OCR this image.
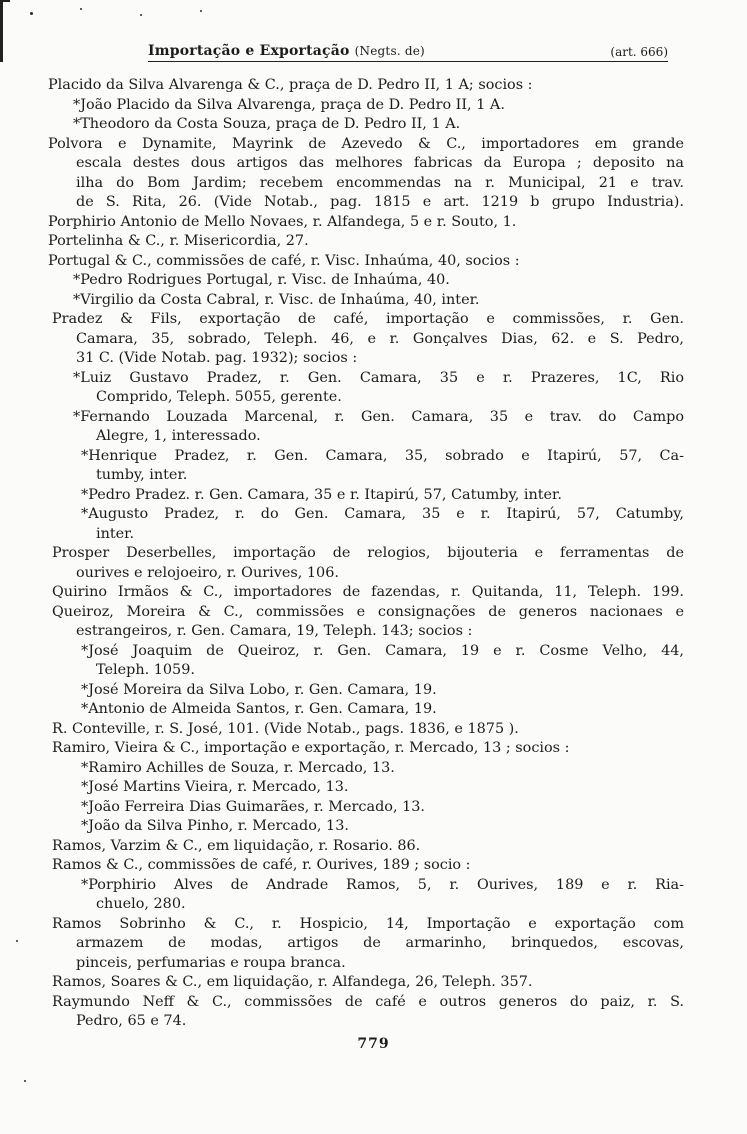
Importação e Exportação (Negts. de)	(art. 666)
Placido da Silva Alvarenga & C., praça de D. Pedro II, 1 A; socios :
*João Placido da Silva Alvarenga, praça de D. Pedro II, 1 A.
*Theodoro da Costa Souza, praça de D. Pedro II, 1 A.
Polvora e Dynamite, Mayrink de Azevedo & C., importadores em grande
escala destes dous artigos das melhores fabricas da Europa ; deposito na
ilha do Bom Jardim; recebem encommendas na r. Municipal, 21 e trav.
de S. Rita, 26. (Vide Notab., pag. 1815 e art. 1219 b grupo Industria).
Porphirio Antonio de Mello Novaes, r. Alfandega, 5 e r. Souto, 1.
Portelinha & C., r. Misericordia, 27.
Portugal & C., commissões de café, r. Visc. Inhaúma, 40, socios :
*Pedro Rodrigues Portugal, r. Visc. de Inhaúma, 40.
*Virgilio da Costa Cabral, r. Visc. de Inhaúma, 40, inter.
Pradez & Fils, exportação de café, importação e commissões, r. Gen.
Camara, 35, sobrado, Teleph. 46, e r. Gonçalves Dias, 62. e S. Pedro,
31 C. (Vide Notab. pag. 1932); socios :
*Luiz Gustavo Pradez, r. Gen. Camara, 35 e r. Prazeres, 1C, Rio
Comprido, Teleph. 5055, gerente.
*Fernando Louzada Marcenal, r. Gen. Camara, 35 e trav. do Campo
Alegre, 1, interessado.
*Henrique Pradez, r. Gen. Camara, 35, sobrado e Itapirú, 57, Ca-
tumby, inter.
*Pedro Pradez. r. Gen. Camara, 35 e r. Itapirú, 57, Catumby, inter.
*Augusto Pradez, r. do Gen. Camara, 35 e r. Itapirú, 57, Catumby,
inter.
Prosper Deserbelles, importação de relogios, bijouteria e ferramentas de
ourives e relojoeiro, r. Ourives, 106.
Quirino Irmãos & C., importadores de fazendas, r. Quitanda, 11, Teleph. 199.
Queiroz, Moreira & C., commissões e consignações de generos nacionaes e
estrangeiros, r. Gen. Camara, 19, Teleph. 143; socios :
*José Joaquim de Queiroz, r. Gen. Camara, 19 e r. Cosme Velho, 44,
Teleph. 1059.
*José Moreira da Silva Lobo, r. Gen. Camara, 19.
*Antonio de Almeida Santos, r. Gen. Camara, 19.
R. Conteville, r. S. José, 101. (Vide Notab., pags. 1836, e 1875 ).
Ramiro, Vieira & C., importação e exportação, r. Mercado, 13 ; socios :
*Ramiro Achilles de Souza, r. Mercado, 13.
*José Martins Vieira, r. Mercado, 13.
*João Ferreira Dias Guimarães, r. Mercado, 13.
*João da Silva Pinho, r. Mercado, 13.
Ramos, Varzim & C., em liquidação, r. Rosario. 86.
Ramos & C., commissões de café, r. Ourives, 189 ; socio :
*Porphirio Alves de Andrade Ramos, 5, r. Ourives, 189 e r. Ria-
chuelo, 280.
Ramos Sobrinho & C., r. Hospicio, 14, Importação e exportação com
armazem de modas, artigos de armarinho, brinquedos, escovas,
pinceis, perfumarias e roupa branca.
Ramos, Soares & C., em liquidação, r. Alfandega, 26, Teleph. 357.
Raymundo Neff & C., commissões de café e outros generos do paiz, r. S.
Pedro, 65 e 74.
779
